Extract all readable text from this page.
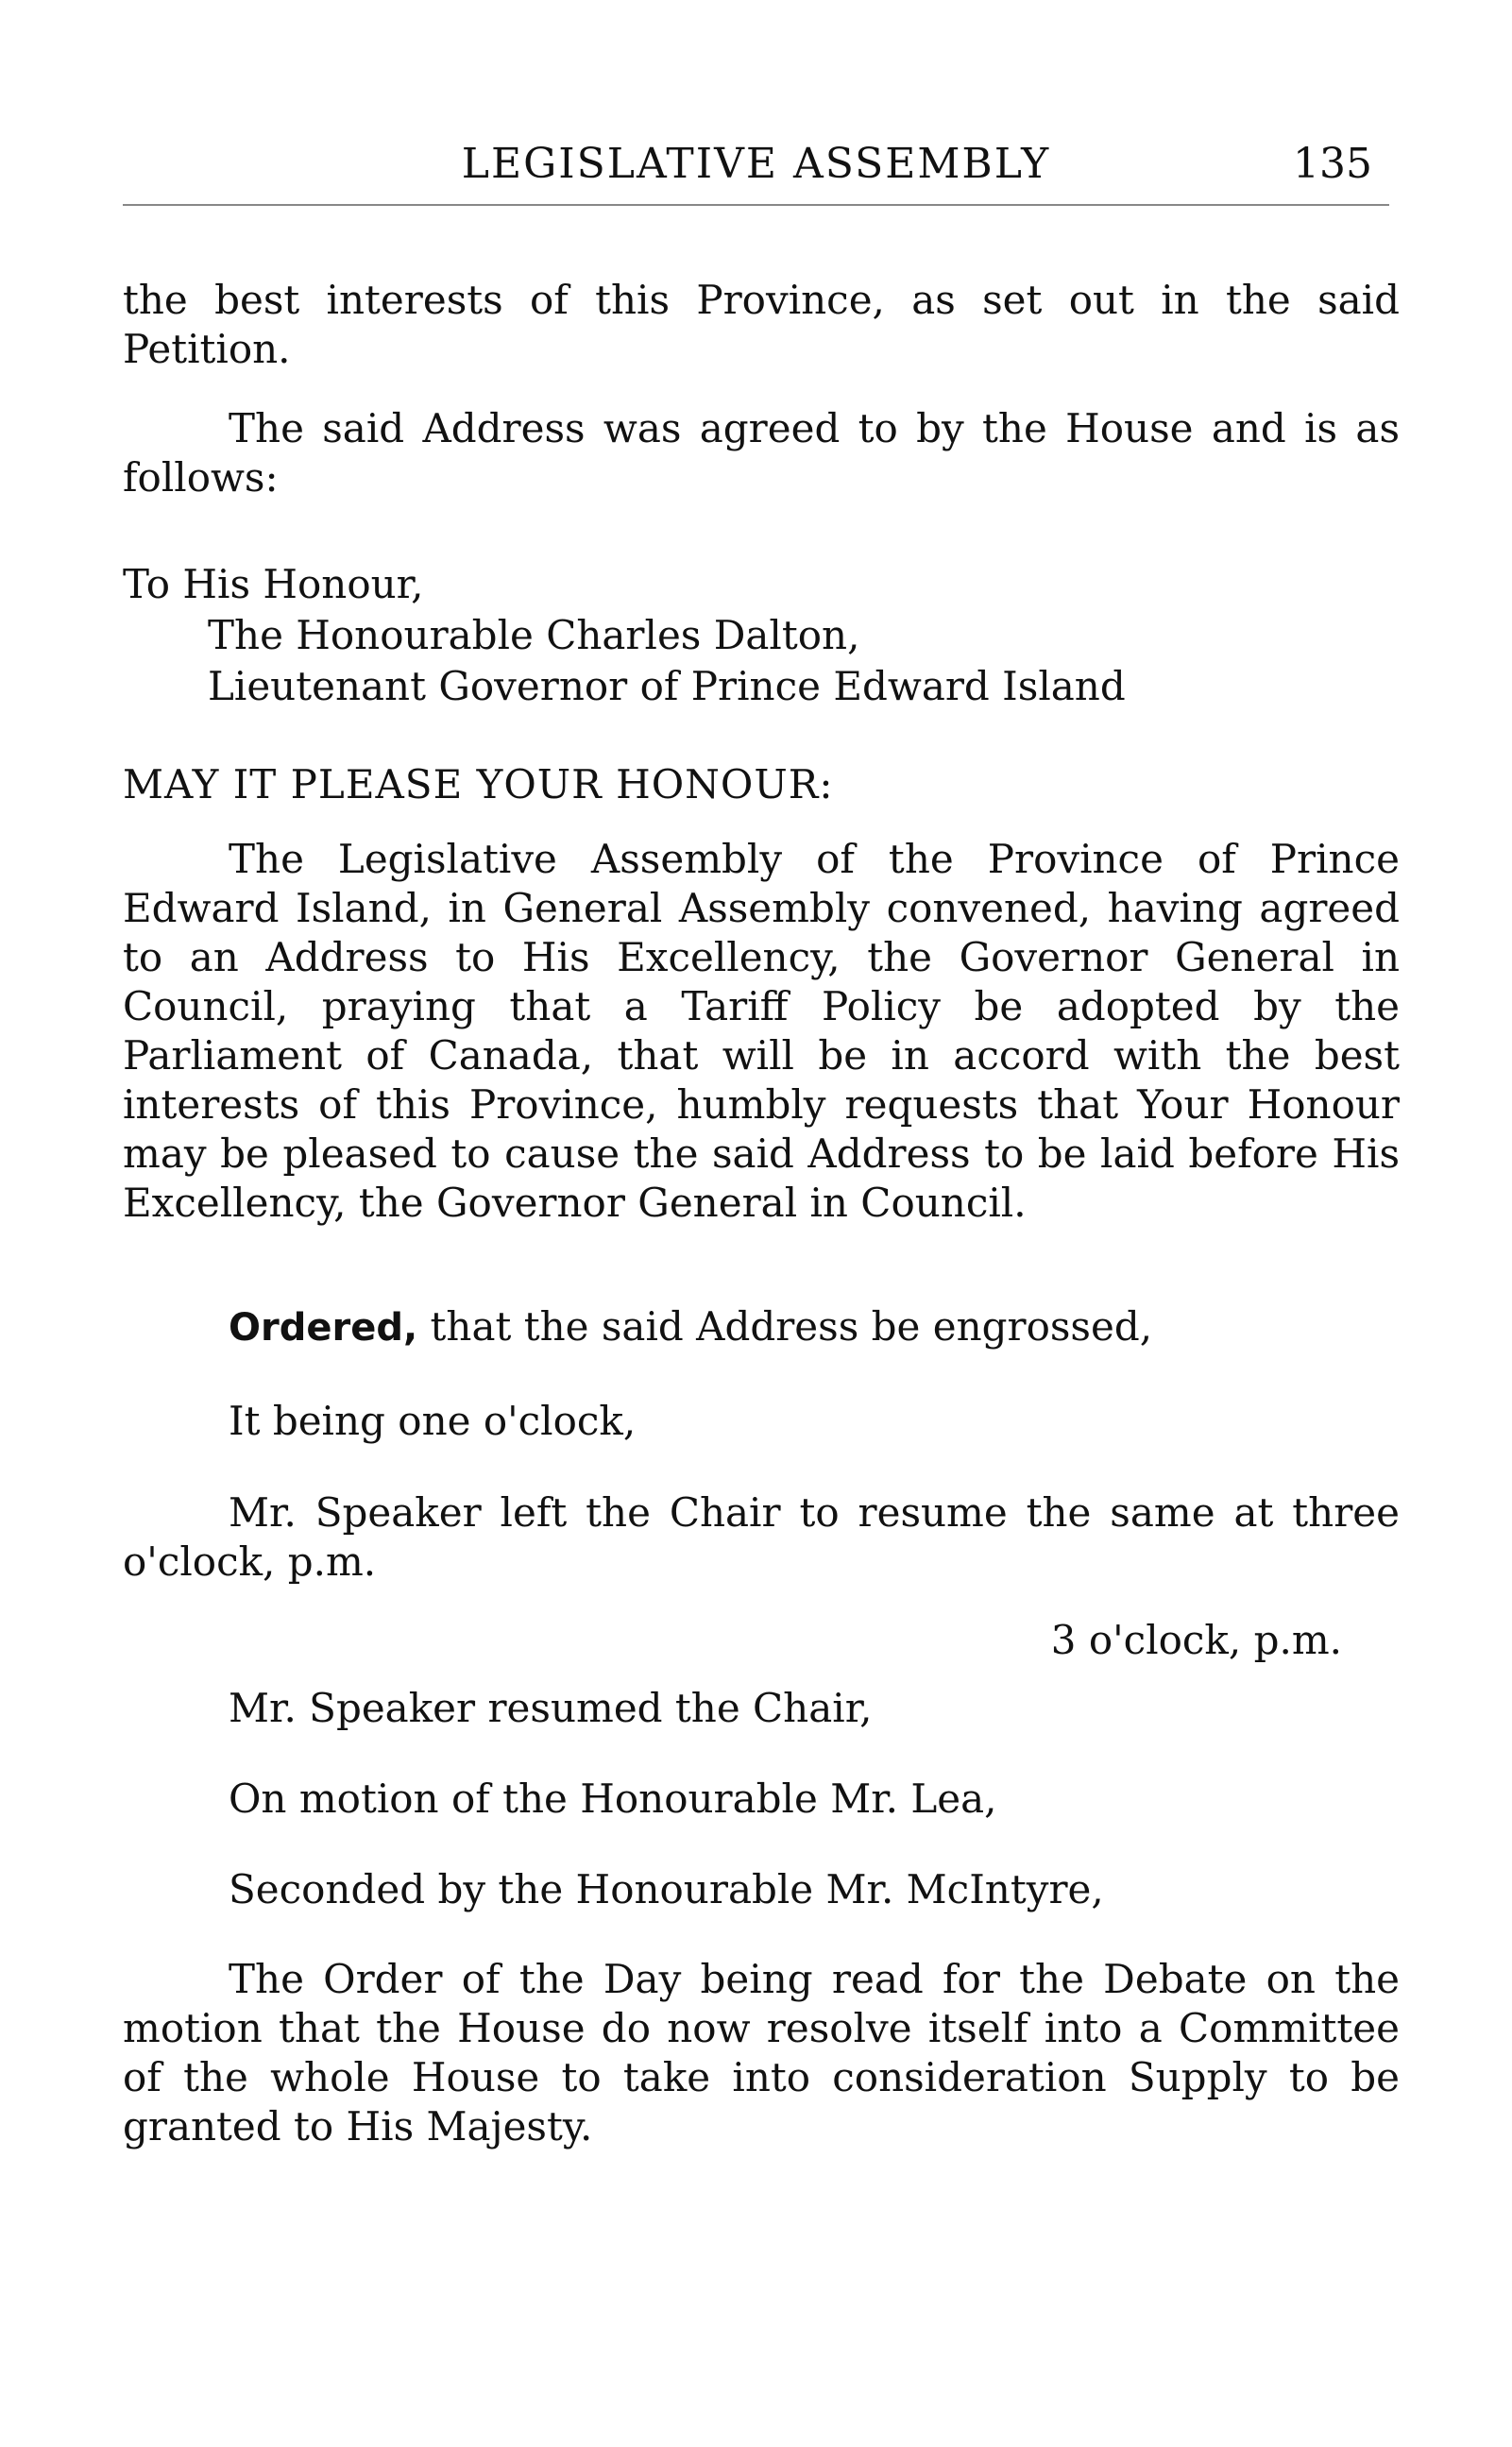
LEGISLATIVE ASSEMBLY	135

the best interests of this Province, as set out in the said Petition.

The said Address was agreed to by the House and is as follows:

To His Honour,
The Honourable Charles Dalton,
Lieutenant Governor of Prince Edward Island
MAY IT PLEASE YOUR HONOUR:

The Legislative Assembly of the Province of Prince Edward Island, in General Assembly convened, having agreed to an Address to His Excellency, the Governor General in Council, praying that a Tariff Policy be adopted by the Parliament of Canada, that will be in accord with the best interests of this Province, humbly requests that Your Honour may be pleased to cause the said Address to be laid before His Excellency, the Governor General in Council.

Ordered, that the said Address be engrossed,
It being one o'clock,

Mr. Speaker left the Chair to resume the same at three o'clock, p.m.

3 o'clock, p.m.
Mr. Speaker resumed the Chair,
On motion of the Honourable Mr. Lea,
Seconded by the Honourable Mr. McIntyre,

The Order of the Day being read for the Debate on the motion that the House do now resolve itself into a Committee of the whole House to take into consideration Supply to be granted to His Majesty.
